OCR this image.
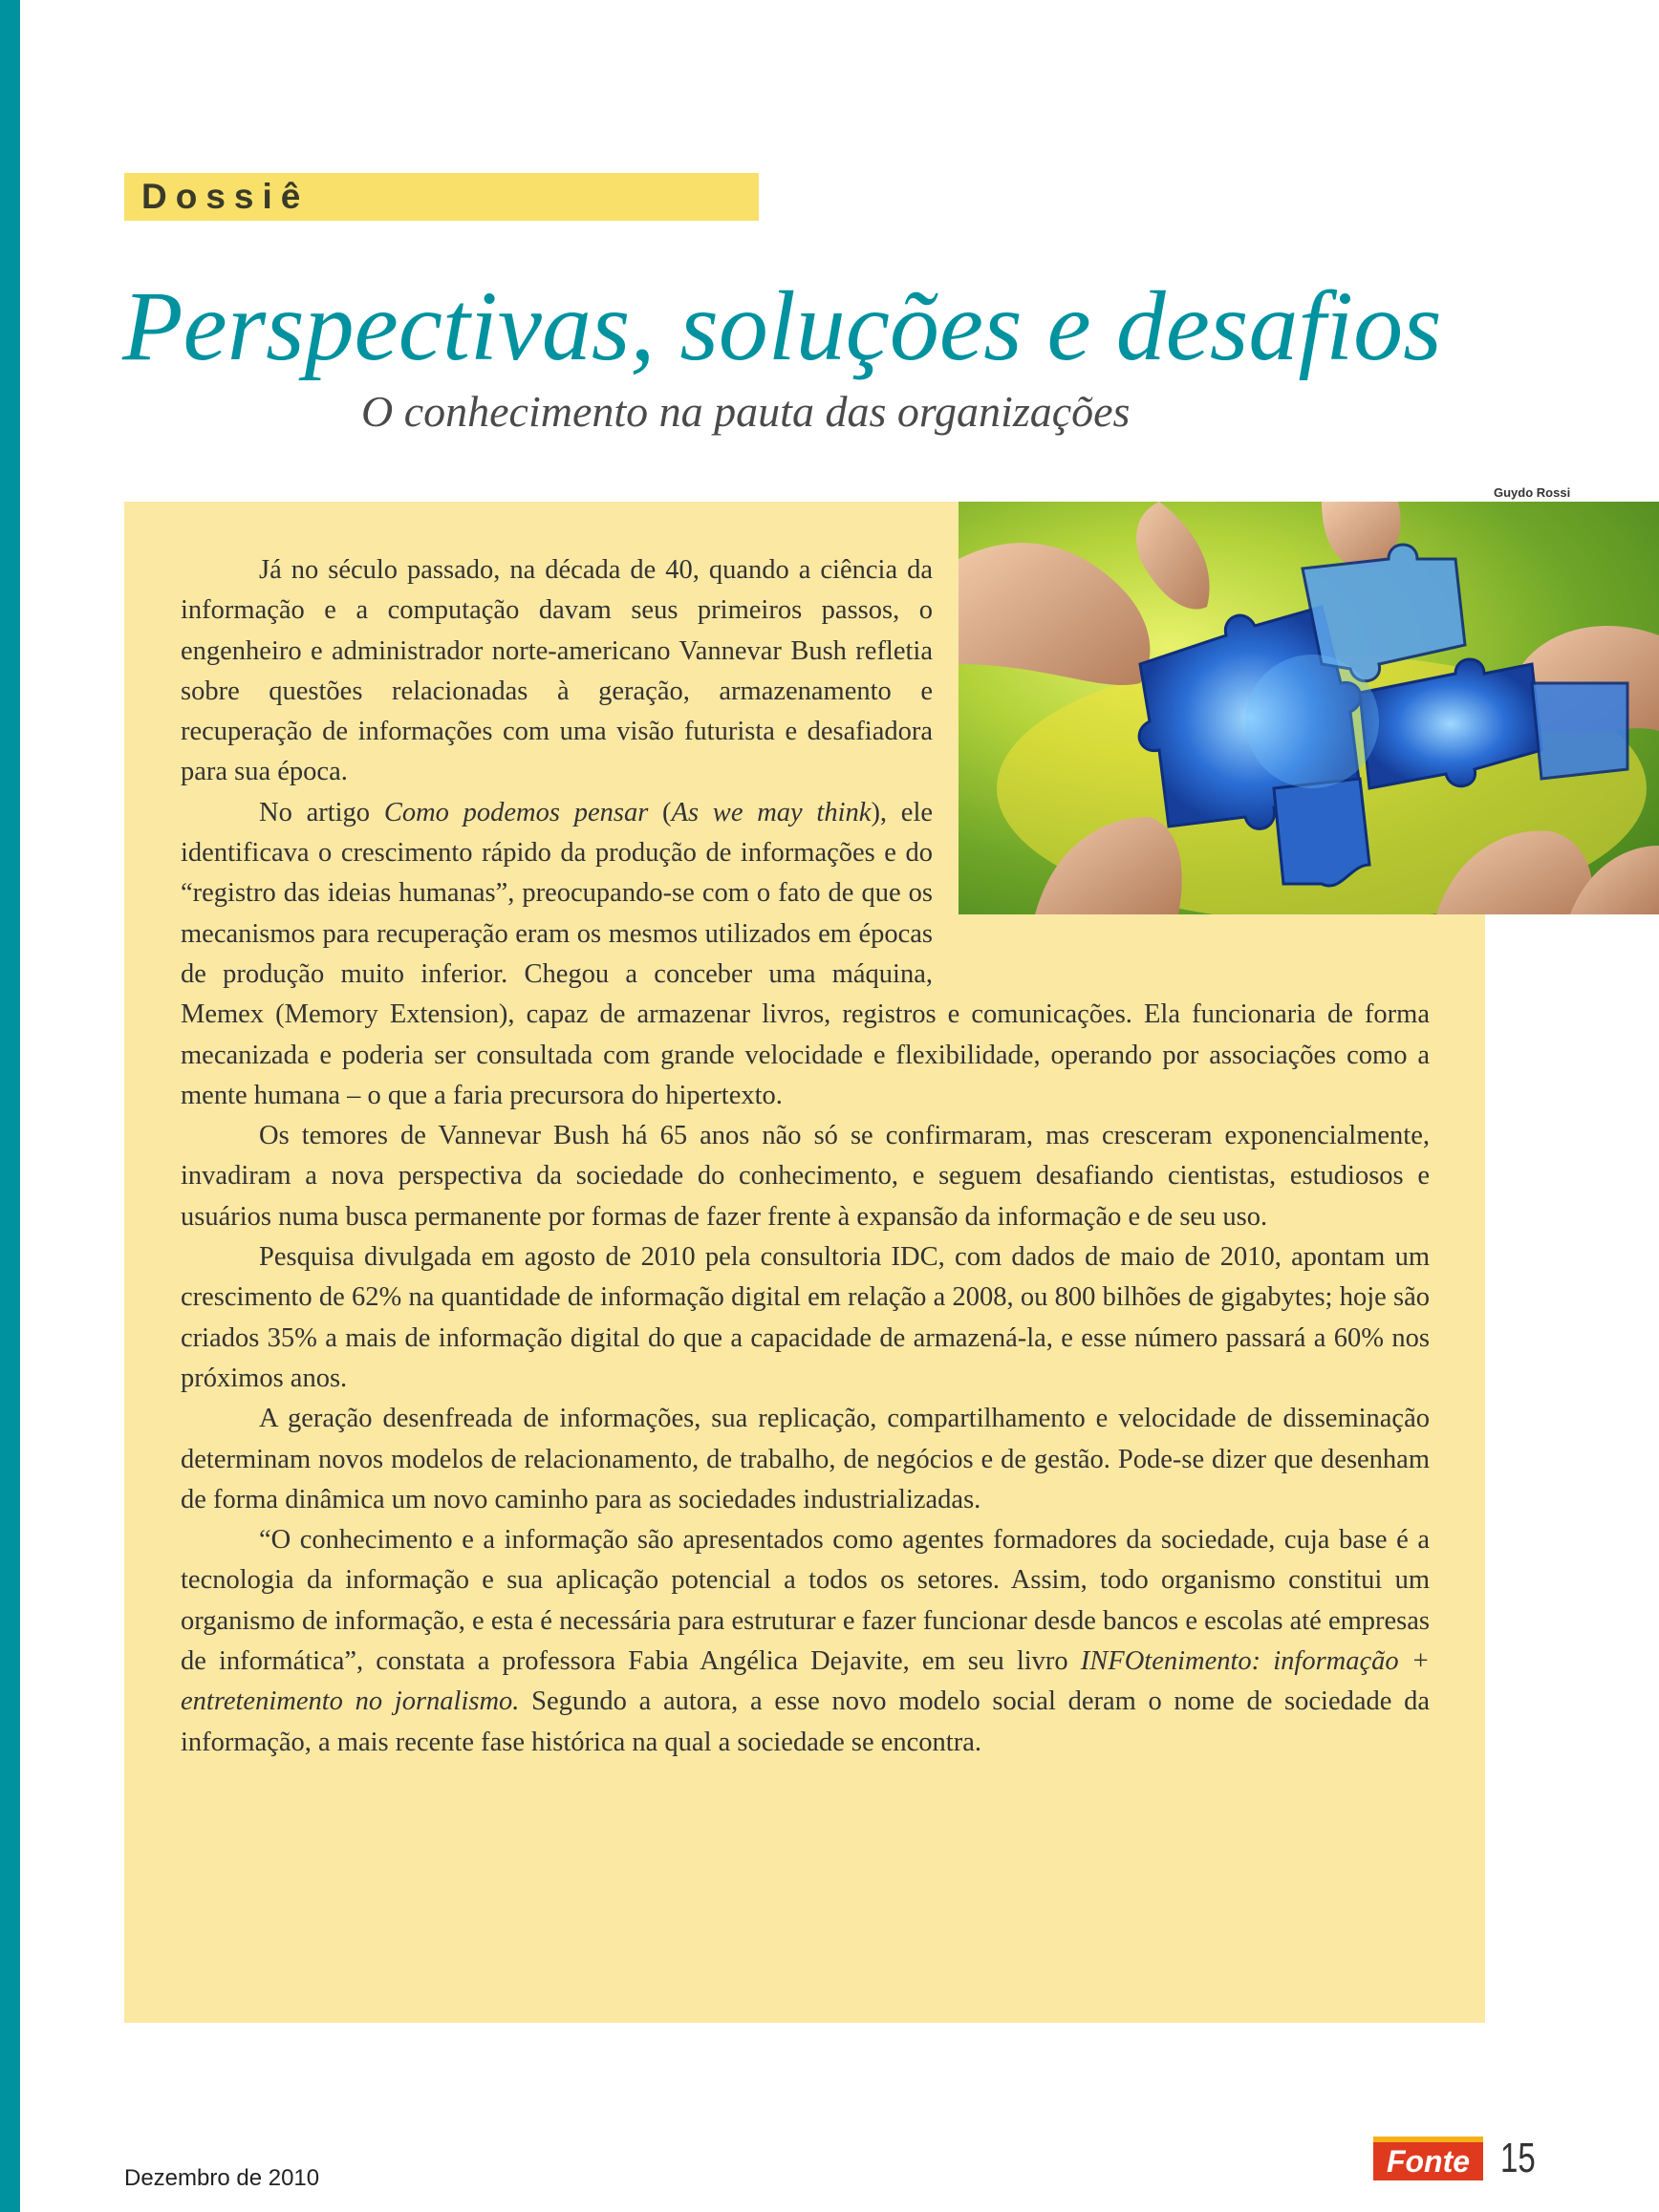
Dossiê
Perspectivas, soluções e desafios
O conhecimento na pauta das organizações
Guydo Rossi

Já no século passado, na década de 40, quando a ciência da informação e a computação davam seus primeiros passos, o engenheiro e administrador norte-americano Vannevar Bush refletia sobre questões relacionadas à geração, armazenamento e recuperação de informações com uma visão futurista e desafiadora para sua época.

No artigo Como podemos pensar (As we may think), ele identificava o crescimento rápido da produção de informações e do “registro das ideias humanas”, preocupando-se com o fato de que os mecanismos para recuperação eram os mesmos utilizados em épocas de produção muito inferior. Chegou a conceber uma máquina, Memex (Memory Extension), capaz de armazenar livros, registros e comunicações. Ela funcionaria de forma mecanizada e poderia ser consultada com grande velocidade e flexibilidade, operando por associações como a mente humana – o que a faria precursora do hipertexto.

Os temores de Vannevar Bush há 65 anos não só se confirmaram, mas cresceram exponencialmente, invadiram a nova perspectiva da sociedade do conhecimento, e seguem desafiando cientistas, estudiosos e usuários numa busca permanente por formas de fazer frente à expansão da informação e de seu uso.

Pesquisa divulgada em agosto de 2010 pela consultoria IDC, com dados de maio de 2010, apontam um crescimento de 62% na quantidade de informação digital em relação a 2008, ou 800 bilhões de gigabytes; hoje são criados 35% a mais de informação digital do que a capacidade de armazená-la, e esse número passará a 60% nos próximos anos.

A geração desenfreada de informações, sua replicação, compartilhamento e velocidade de disseminação determinam novos modelos de relacionamento, de trabalho, de negócios e de gestão. Pode-se dizer que desenham de forma dinâmica um novo caminho para as sociedades industrializadas.

“O conhecimento e a informação são apresentados como agentes formadores da sociedade, cuja base é a tecnologia da informação e sua aplicação potencial a todos os setores. Assim, todo organismo constitui um organismo de informação, e esta é necessária para estruturar e fazer funcionar desde bancos e escolas até empresas de informática”, constata a professora Fabia Angélica Dejavite, em seu livro INFOtenimento: informação + entretenimento no jornalismo. Segundo a autora, a esse novo modelo social deram o nome de sociedade da informação, a mais recente fase histórica na qual a sociedade se encontra.

Dezembro de 2010	Fonte 15
